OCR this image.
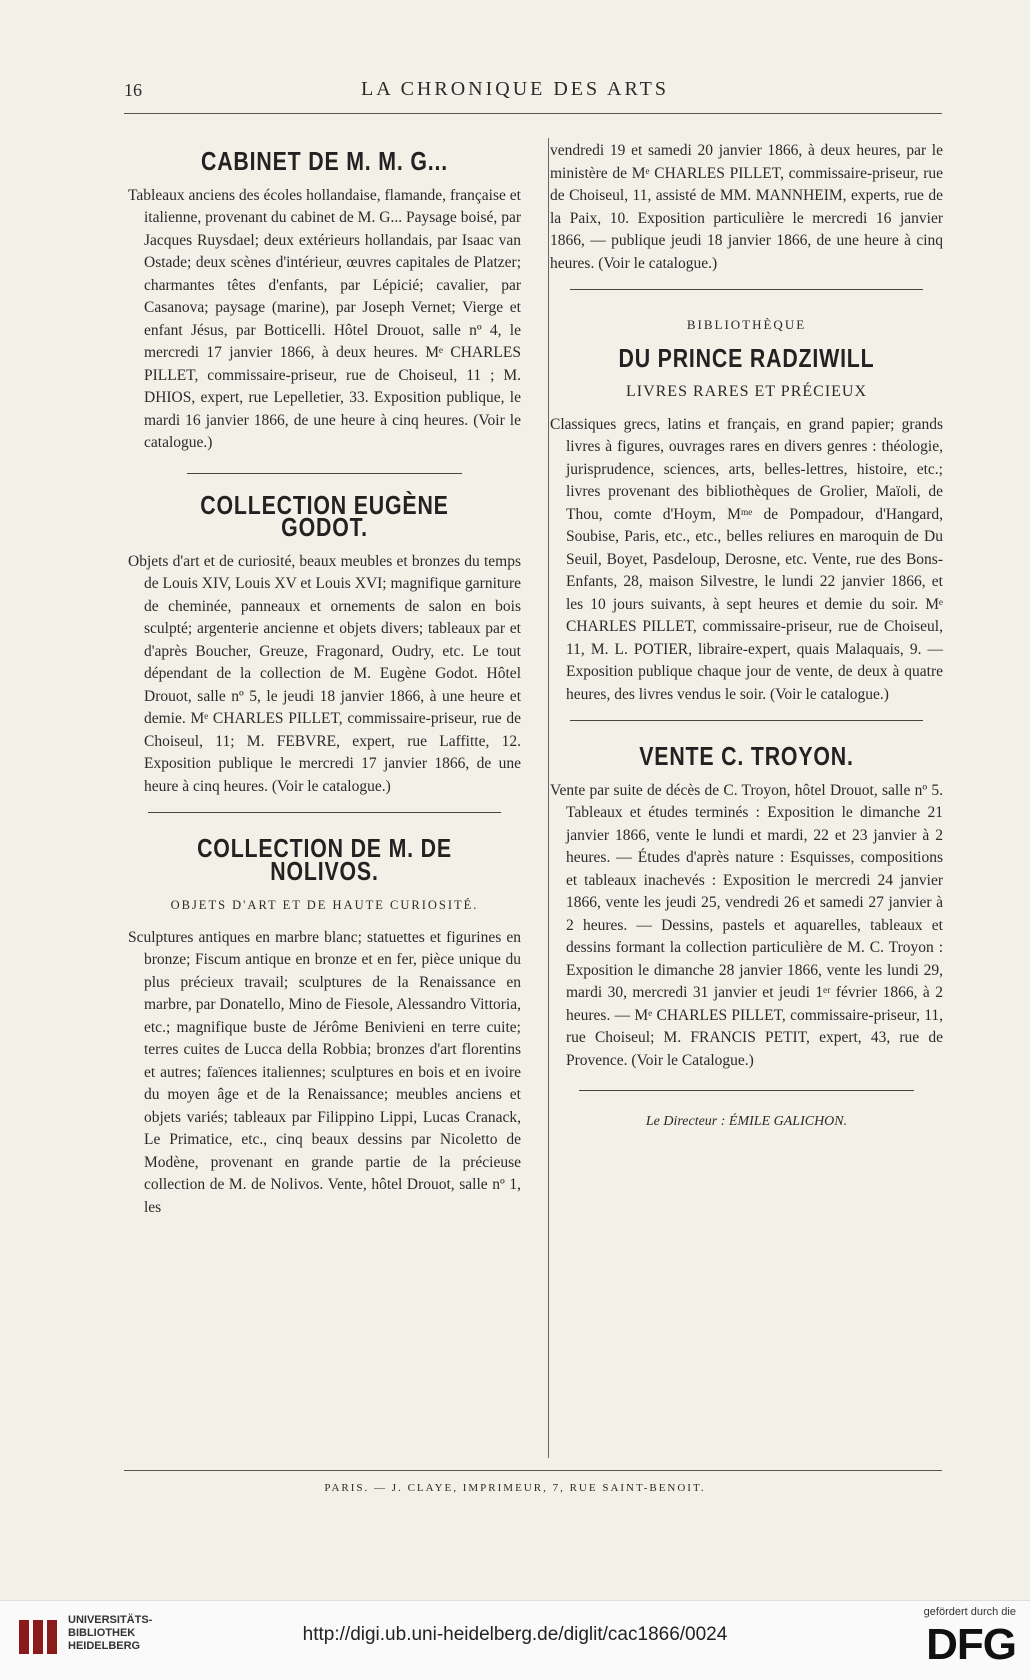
16	LA CHRONIQUE DES ARTS
CABINET DE M. M. G...

Tableaux anciens des écoles hollandaise, flamande, française et italienne, provenant du cabinet de M. G... Paysage boisé, par Jacques Ruysdael; deux extérieurs hollandais, par Isaac van Ostade; deux scènes d'intérieur, œuvres capitales de Platzer; charmantes têtes d'enfants, par Lépicié; cavalier, par Casanova; paysage (marine), par Joseph Vernet; Vierge et enfant Jésus, par Botticelli. Hôtel Drouot, salle nº 4, le mercredi 17 janvier 1866, à deux heures. Mᵉ CHARLES PILLET, commissaire-priseur, rue de Choiseul, 11 ; M. DHIOS, expert, rue Lepelletier, 33. Exposition publique, le mardi 16 janvier 1866, de une heure à cinq heures. (Voir le catalogue.)

COLLECTION EUGÈNE GODOT.

Objets d'art et de curiosité, beaux meubles et bronzes du temps de Louis XIV, Louis XV et Louis XVI; magnifique garniture de cheminée, panneaux et ornements de salon en bois sculpté; argenterie ancienne et objets divers; tableaux par et d'après Boucher, Greuze, Fragonard, Oudry, etc. Le tout dépendant de la collection de M. Eugène Godot. Hôtel Drouot, salle nº 5, le jeudi 18 janvier 1866, à une heure et demie. Mᵉ CHARLES PILLET, commissaire-priseur, rue de Choiseul, 11; M. FEBVRE, expert, rue Laffitte, 12. Exposition publique le mercredi 17 janvier 1866, de une heure à cinq heures. (Voir le catalogue.)

COLLECTION DE M. DE NOLIVOS.
OBJETS D'ART ET DE HAUTE CURIOSITÉ.

Sculptures antiques en marbre blanc; statuettes et figurines en bronze; Fiscum antique en bronze et en fer, pièce unique du plus précieux travail; sculptures de la Renaissance en marbre, par Donatello, Mino de Fiesole, Alessandro Vittoria, etc.; magnifique buste de Jérôme Benivieni en terre cuite; terres cuites de Lucca della Robbia; bronzes d'art florentins et autres; faïences italiennes; sculptures en bois et en ivoire du moyen âge et de la Renaissance; meubles anciens et objets variés; tableaux par Filippino Lippi, Lucas Cranack, Le Primatice, etc., cinq beaux dessins par Nicoletto de Modène, provenant en grande partie de la précieuse collection de M. de Nolivos. Vente, hôtel Drouot, salle nº 1, les

vendredi 19 et samedi 20 janvier 1866, à deux heures, par le ministère de Mᵉ CHARLES PILLET, commissaire-priseur, rue de Choiseul, 11, assisté de MM. MANNHEIM, experts, rue de la Paix, 10. Exposition particulière le mercredi 16 janvier 1866, — publique jeudi 18 janvier 1866, de une heure à cinq heures. (Voir le catalogue.)

BIBLIOTHÈQUE
DU PRINCE RADZIWILL
LIVRES RARES ET PRÉCIEUX

Classiques grecs, latins et français, en grand papier; grands livres à figures, ouvrages rares en divers genres : théologie, jurisprudence, sciences, arts, belles-lettres, histoire, etc.; livres provenant des bibliothèques de Grolier, Maïoli, de Thou, comte d'Hoym, Mᵐᵉ de Pompadour, d'Hangard, Soubise, Paris, etc., etc., belles reliures en maroquin de Du Seuil, Boyet, Pasdeloup, Derosne, etc. Vente, rue des Bons-Enfants, 28, maison Silvestre, le lundi 22 janvier 1866, et les 10 jours suivants, à sept heures et demie du soir. Mᵉ CHARLES PILLET, commissaire-priseur, rue de Choiseul, 11, M. L. POTIER, libraire-expert, quais Malaquais, 9. — Exposition publique chaque jour de vente, de deux à quatre heures, des livres vendus le soir. (Voir le catalogue.)

VENTE C. TROYON.

Vente par suite de décès de C. Troyon, hôtel Drouot, salle nº 5. Tableaux et études terminés : Exposition le dimanche 21 janvier 1866, vente le lundi et mardi, 22 et 23 janvier à 2 heures. — Études d'après nature : Esquisses, compositions et tableaux inachevés : Exposition le mercredi 24 janvier 1866, vente les jeudi 25, vendredi 26 et samedi 27 janvier à 2 heures. — Dessins, pastels et aquarelles, tableaux et dessins formant la collection particulière de M. C. Troyon : Exposition le dimanche 28 janvier 1866, vente les lundi 29, mardi 30, mercredi 31 janvier et jeudi 1ᵉʳ février 1866, à 2 heures. — Mᵉ CHARLES PILLET, commissaire-priseur, 11, rue Choiseul; M. FRANCIS PETIT, expert, 43, rue de Provence. (Voir le Catalogue.)

Le Directeur : ÉMILE GALICHON.
PARIS. — J. CLAYE, IMPRIMEUR, 7, RUE SAINT-BENOIT.
UNIVERSITÄTS- BIBLIOTHEK HEIDELBERG
http://digi.ub.uni-heidelberg.de/diglit/cac1866/0024
gefördert durch die
DFG
